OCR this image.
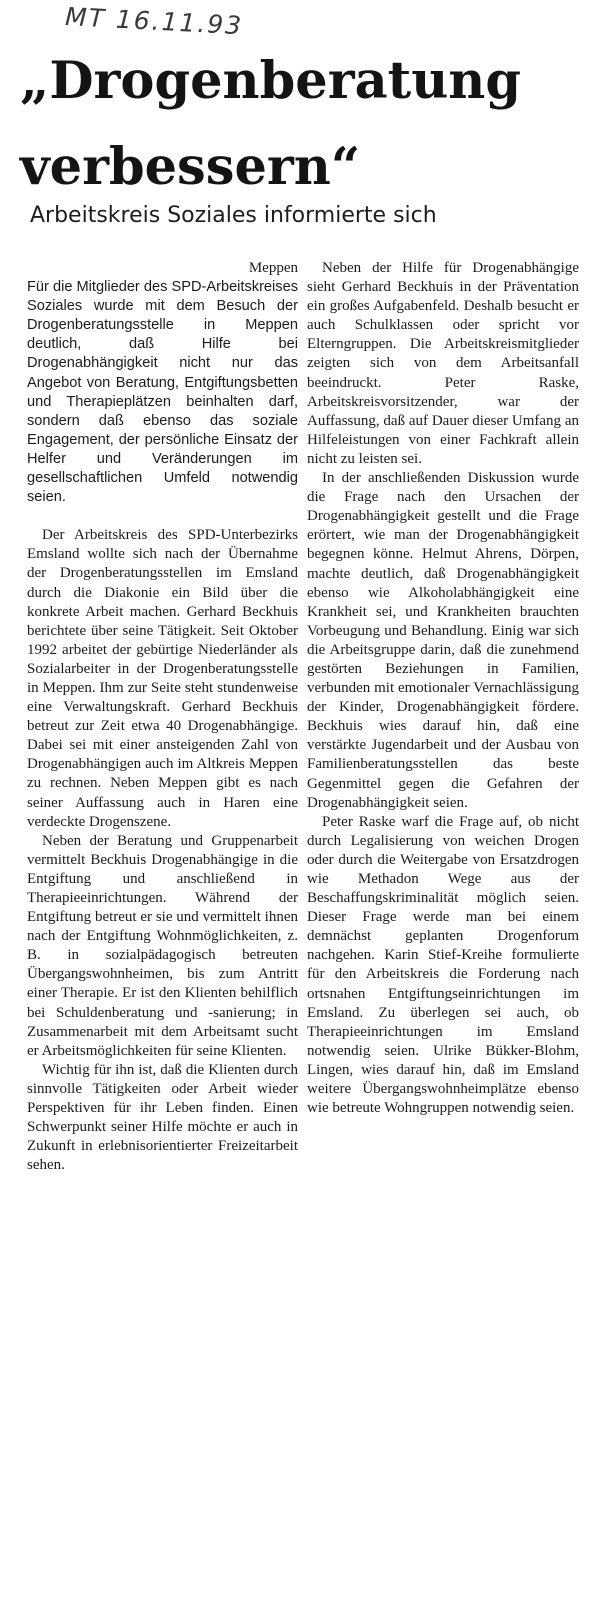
MT 16.11.93
„Drogenberatung
verbessern“
Arbeitskreis Soziales informierte sich

Meppen

Für die Mitglieder des SPD-Arbeitskreises Soziales wurde mit dem Besuch der Drogenberatungsstelle in Meppen deutlich, daß Hilfe bei Drogenabhängigkeit nicht nur das Angebot von Beratung, Entgiftungsbetten und Therapieplätzen beinhalten darf, sondern daß ebenso das soziale Engagement, der persönliche Einsatz der Helfer und Veränderungen im gesellschaftlichen Umfeld notwendig seien.

Der Arbeitskreis des SPD-Unterbezirks Emsland wollte sich nach der Übernahme der Drogenberatungsstellen im Emsland durch die Diakonie ein Bild über die konkrete Arbeit machen. Gerhard Beckhuis berichtete über seine Tätigkeit. Seit Oktober 1992 arbeitet der gebürtige Niederländer als Sozialarbeiter in der Drogenberatungsstelle in Meppen. Ihm zur Seite steht stundenweise eine Verwaltungskraft. Gerhard Beckhuis betreut zur Zeit etwa 40 Drogenabhängige. Dabei sei mit einer ansteigenden Zahl von Drogenabhängigen auch im Altkreis Meppen zu rechnen. Neben Meppen gibt es nach seiner Auffassung auch in Haren eine verdeckte Drogenszene.

Neben der Beratung und Gruppenarbeit vermittelt Beckhuis Drogenabhängige in die Entgiftung und anschließend in Therapieeinrichtungen. Während der Entgiftung betreut er sie und vermittelt ihnen nach der Entgiftung Wohnmöglichkeiten, z. B. in sozialpädagogisch betreuten Übergangswohnheimen, bis zum Antritt einer Therapie. Er ist den Klienten behilflich bei Schuldenberatung und -sanierung; in Zusammenarbeit mit dem Arbeitsamt sucht er Arbeitsmöglichkeiten für seine Klienten.

Wichtig für ihn ist, daß die Klienten durch sinnvolle Tätigkeiten oder Arbeit wieder Perspektiven für ihr Leben finden. Einen Schwerpunkt seiner Hilfe möchte er auch in Zukunft in erlebnisorientierter Freizeitarbeit sehen.

Neben der Hilfe für Drogenabhängige sieht Gerhard Beckhuis in der Präventation ein großes Aufgabenfeld. Deshalb besucht er auch Schulklassen oder spricht vor Elterngruppen. Die Arbeitskreismitglieder zeigten sich von dem Arbeitsanfall beeindruckt. Peter Raske, Arbeitskreisvorsitzender, war der Auffassung, daß auf Dauer dieser Umfang an Hilfeleistungen von einer Fachkraft allein nicht zu leisten sei.

In der anschließenden Diskussion wurde die Frage nach den Ursachen der Drogenabhängigkeit gestellt und die Frage erörtert, wie man der Drogenabhängigkeit begegnen könne. Helmut Ahrens, Dörpen, machte deutlich, daß Drogenabhängigkeit ebenso wie Alkoholabhängigkeit eine Krankheit sei, und Krankheiten brauchten Vorbeugung und Behandlung. Einig war sich die Arbeitsgruppe darin, daß die zunehmend gestörten Beziehungen in Familien, verbunden mit emotionaler Vernachlässigung der Kinder, Drogenabhängigkeit fördere. Beckhuis wies darauf hin, daß eine verstärkte Jugendarbeit und der Ausbau von Familienberatungsstellen das beste Gegenmittel gegen die Gefahren der Drogenabhängigkeit seien.

Peter Raske warf die Frage auf, ob nicht durch Legalisierung von weichen Drogen oder durch die Weitergabe von Ersatzdrogen wie Methadon Wege aus der Beschaffungskriminalität möglich seien. Dieser Frage werde man bei einem demnächst geplanten Drogenforum nachgehen. Karin Stief-Kreihe formulierte für den Arbeitskreis die Forderung nach ortsnahen Entgiftungseinrichtungen im Emsland. Zu überlegen sei auch, ob Therapieeinrichtungen im Emsland notwendig seien. Ulrike Bükker-Blohm, Lingen, wies darauf hin, daß im Emsland weitere Übergangswohnheimplätze ebenso wie betreute Wohngruppen notwendig seien.
